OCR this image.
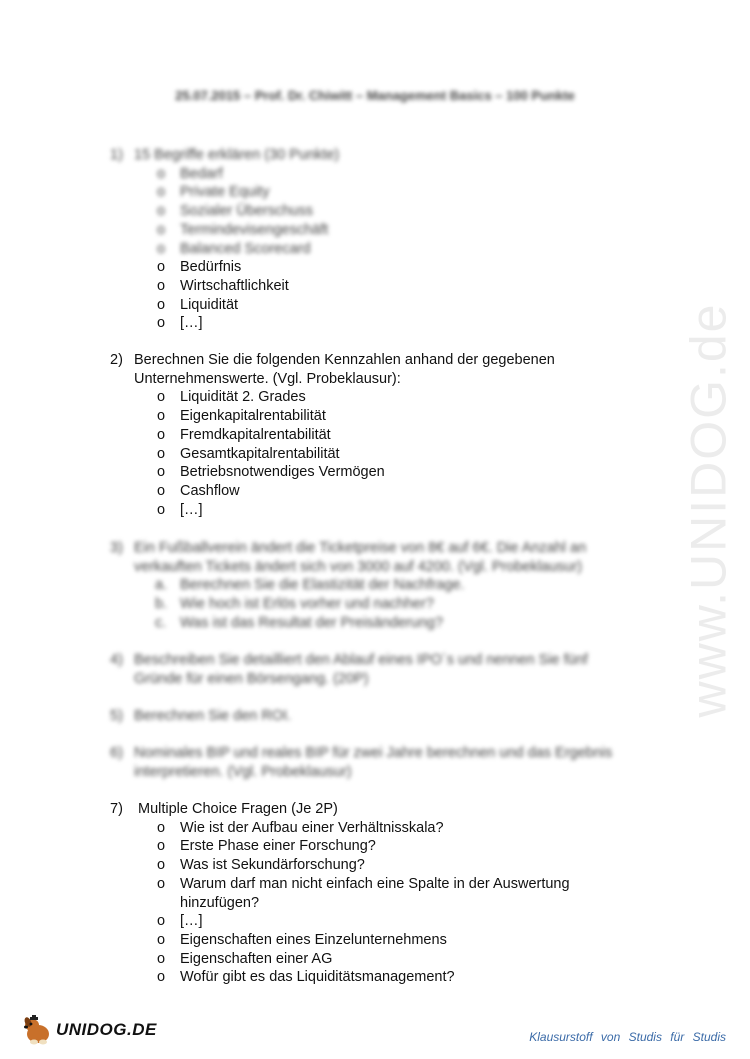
25.07.2015 – Prof. Dr. Chiwitt – Management Basics – 100 Punkte
1) 15 Begriffe erklären (30 Punkte)
o Bedarf
o Private Equity
o Sozialer Überschuss
o Termindevisengeschäft
o Balanced Scorecard
o Bedürfnis
o Wirtschaftlichkeit
o Liquidität
o […]
2) Berechnen Sie die folgenden Kennzahlen anhand der gegebenen
Unternehmenswerte. (Vgl. Probeklausur):
o Liquidität 2. Grades
o Eigenkapitalrentabilität
o Fremdkapitalrentabilität
o Gesamtkapitalrentabilität
o Betriebsnotwendiges Vermögen
o Cashflow
o […]
3) Ein Fußballverein ändert die Ticketpreise von 8€ auf 6€. Die Anzahl an
verkauften Tickets ändert sich von 3000 auf 4200. (Vgl. Probeklausur)
a. Berechnen Sie die Elastizität der Nachfrage.
b. Wie hoch ist Erlös vorher und nachher?
c. Was ist das Resultat der Preisänderung?
4) Beschreiben Sie detailliert den Ablauf eines IPO´s und nennen Sie fünf
Gründe für einen Börsengang. (20P)
5) Berechnen Sie den ROI.
6) Nominales BIP und reales BIP für zwei Jahre berechnen und das Ergebnis
interpretieren. (Vgl. Probeklausur)
7) Multiple Choice Fragen (Je 2P)
o Wie ist der Aufbau einer Verhältnisskala?
o Erste Phase einer Forschung?
o Was ist Sekundärforschung?
o Warum darf man nicht einfach eine Spalte in der Auswertung hinzufügen?
o […]
o Eigenschaften eines Einzelunternehmens
o Eigenschaften einer AG
o Wofür gibt es das Liquiditätsmanagement?
www.UNIDOG.de
UNIDOG.DE	Klausurstoff von Studis für Studis
